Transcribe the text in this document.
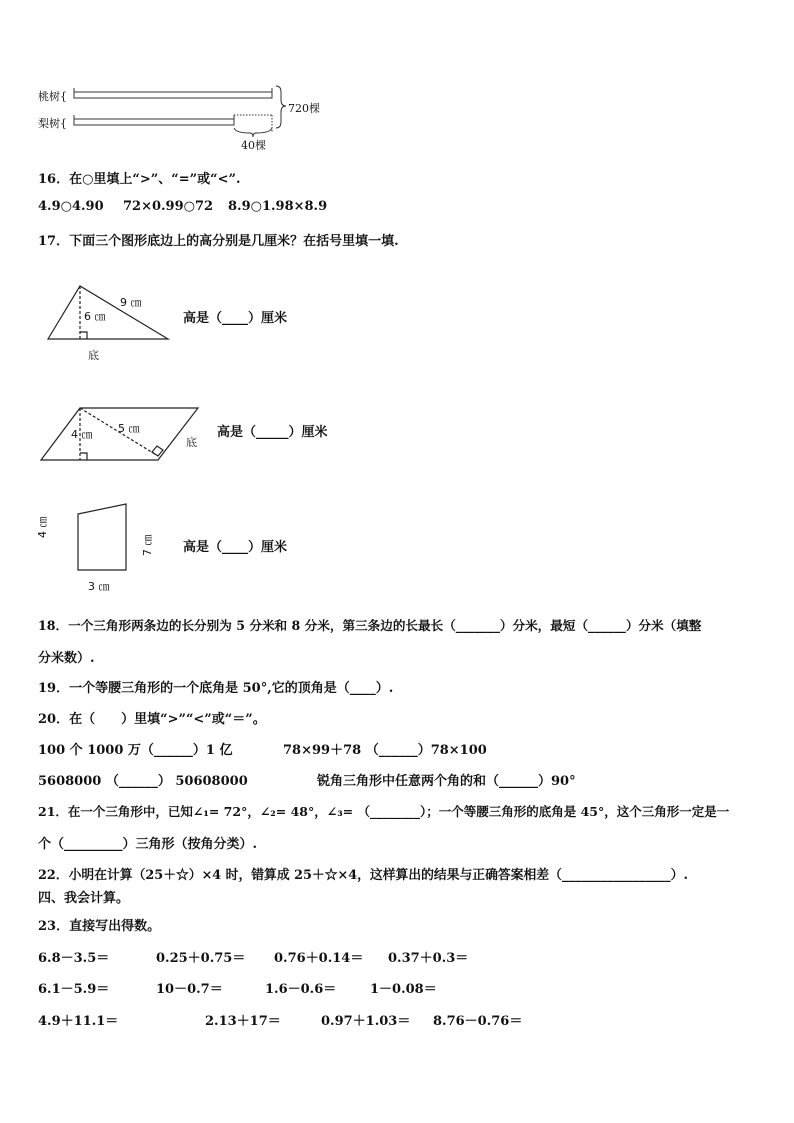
桃树{
梨树{
720棵
40棵
16．在○里填上“>”、“=”或“<”.
4.9○4.90 72×0.99○72 8.9○1.98×8.9
17．下面三个图形底边上的高分别是几厘米？在括号里填一填.
9 ㎝
6 ㎝
底
高是（____）厘米
4 ㎝ 5 ㎝
底
高是（_____）厘米
4 ㎝
7 ㎝
3 ㎝
高是（____）厘米
18．一个三角形两条边的长分别为 5 分米和 8 分米，第三条边的长最长（_______）分米，最短（______）分米（填整
分米数）.
19．一个等腰三角形的一个底角是 50°,它的顶角是（____）.
20．在（　　）里填“>”“<”或“＝”。
100 个 1000 万（______）1 亿	78×99＋78 （______）78×100
5608000 （______） 50608000	锐角三角形中任意两个角的和（______）90°
21．在一个三角形中，已知∠₁= 72°，∠₂= 48°，∠₃= （________）；一个等腰三角形的底角是 45°，这个三角形一定是一
个（_________）三角形（按角分类）.
22．小明在计算（25＋☆）×4 时，错算成 25＋☆×4，这样算出的结果与正确答案相差（_________________）.
四、我会计算。
23．直接写出得数。
6.8－3.5＝	0.25＋0.75＝ 0.76＋0.14＝ 0.37＋0.3＝
6.1－5.9＝	10－0.7＝	1.6－0.6＝	1－0.08＝
4.9＋11.1＝	2.13＋17＝	0.97＋1.03＝ 8.76－0.76＝
